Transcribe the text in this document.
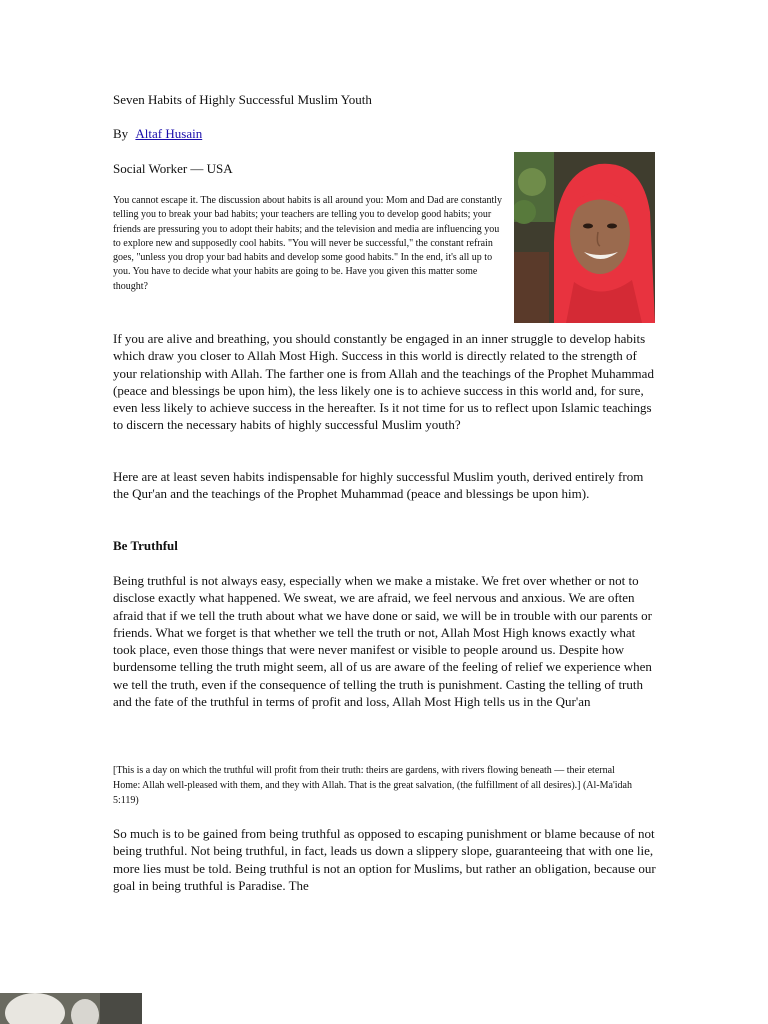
Seven Habits of Highly Successful Muslim Youth
By Altaf Husain
Social Worker — USA

You cannot escape it. The discussion about habits is all around you: Mom and Dad are constantly telling you to break your bad habits; your teachers are telling you to develop good habits; your friends are pressuring you to adopt their habits; and the television and media are influencing you to explore new and supposedly cool habits. "You will never be successful," the constant refrain goes, "unless you drop your bad habits and develop some good habits." In the end, it's all up to you. You have to decide what your habits are going to be. Have you given this matter some thought?

If you are alive and breathing, you should constantly be engaged in an inner struggle to develop habits which draw you closer to Allah Most High. Success in this world is directly related to the strength of your relationship with Allah. The farther one is from Allah and the teachings of the Prophet Muhammad (peace and blessings be upon him), the less likely one is to achieve success in this world and, for sure, even less likely to achieve success in the hereafter. Is it not time for us to reflect upon Islamic teachings to discern the necessary habits of highly successful Muslim youth?

Here are at least seven habits indispensable for highly successful Muslim youth, derived entirely from the Qur'an and the teachings of the Prophet Muhammad (peace and blessings be upon him).

Be Truthful

Being truthful is not always easy, especially when we make a mistake. We fret over whether or not to disclose exactly what happened. We sweat, we are afraid, we feel nervous and anxious. We are often afraid that if we tell the truth about what we have done or said, we will be in trouble with our parents or friends. What we forget is that whether we tell the truth or not, Allah Most High knows exactly what took place, even those things that were never manifest or visible to people around us. Despite how burdensome telling the truth might seem, all of us are aware of the feeling of relief we experience when we tell the truth, even if the consequence of telling the truth is punishment. Casting the telling of truth and the fate of the truthful in terms of profit and loss, Allah Most High tells us in the Qur'an

[This is a day on which the truthful will profit from their truth: theirs are gardens, with rivers flowing beneath — their eternal Home: Allah well-pleased with them, and they with Allah. That is the great salvation, (the fulfillment of all desires).] (Al-Ma'idah 5:119)

So much is to be gained from being truthful as opposed to escaping punishment or blame because of not being truthful. Not being truthful, in fact, leads us down a slippery slope, guaranteeing that with one lie, more lies must be told. Being truthful is not an option for Muslims, but rather an obligation, because our goal in being truthful is Paradise. The
